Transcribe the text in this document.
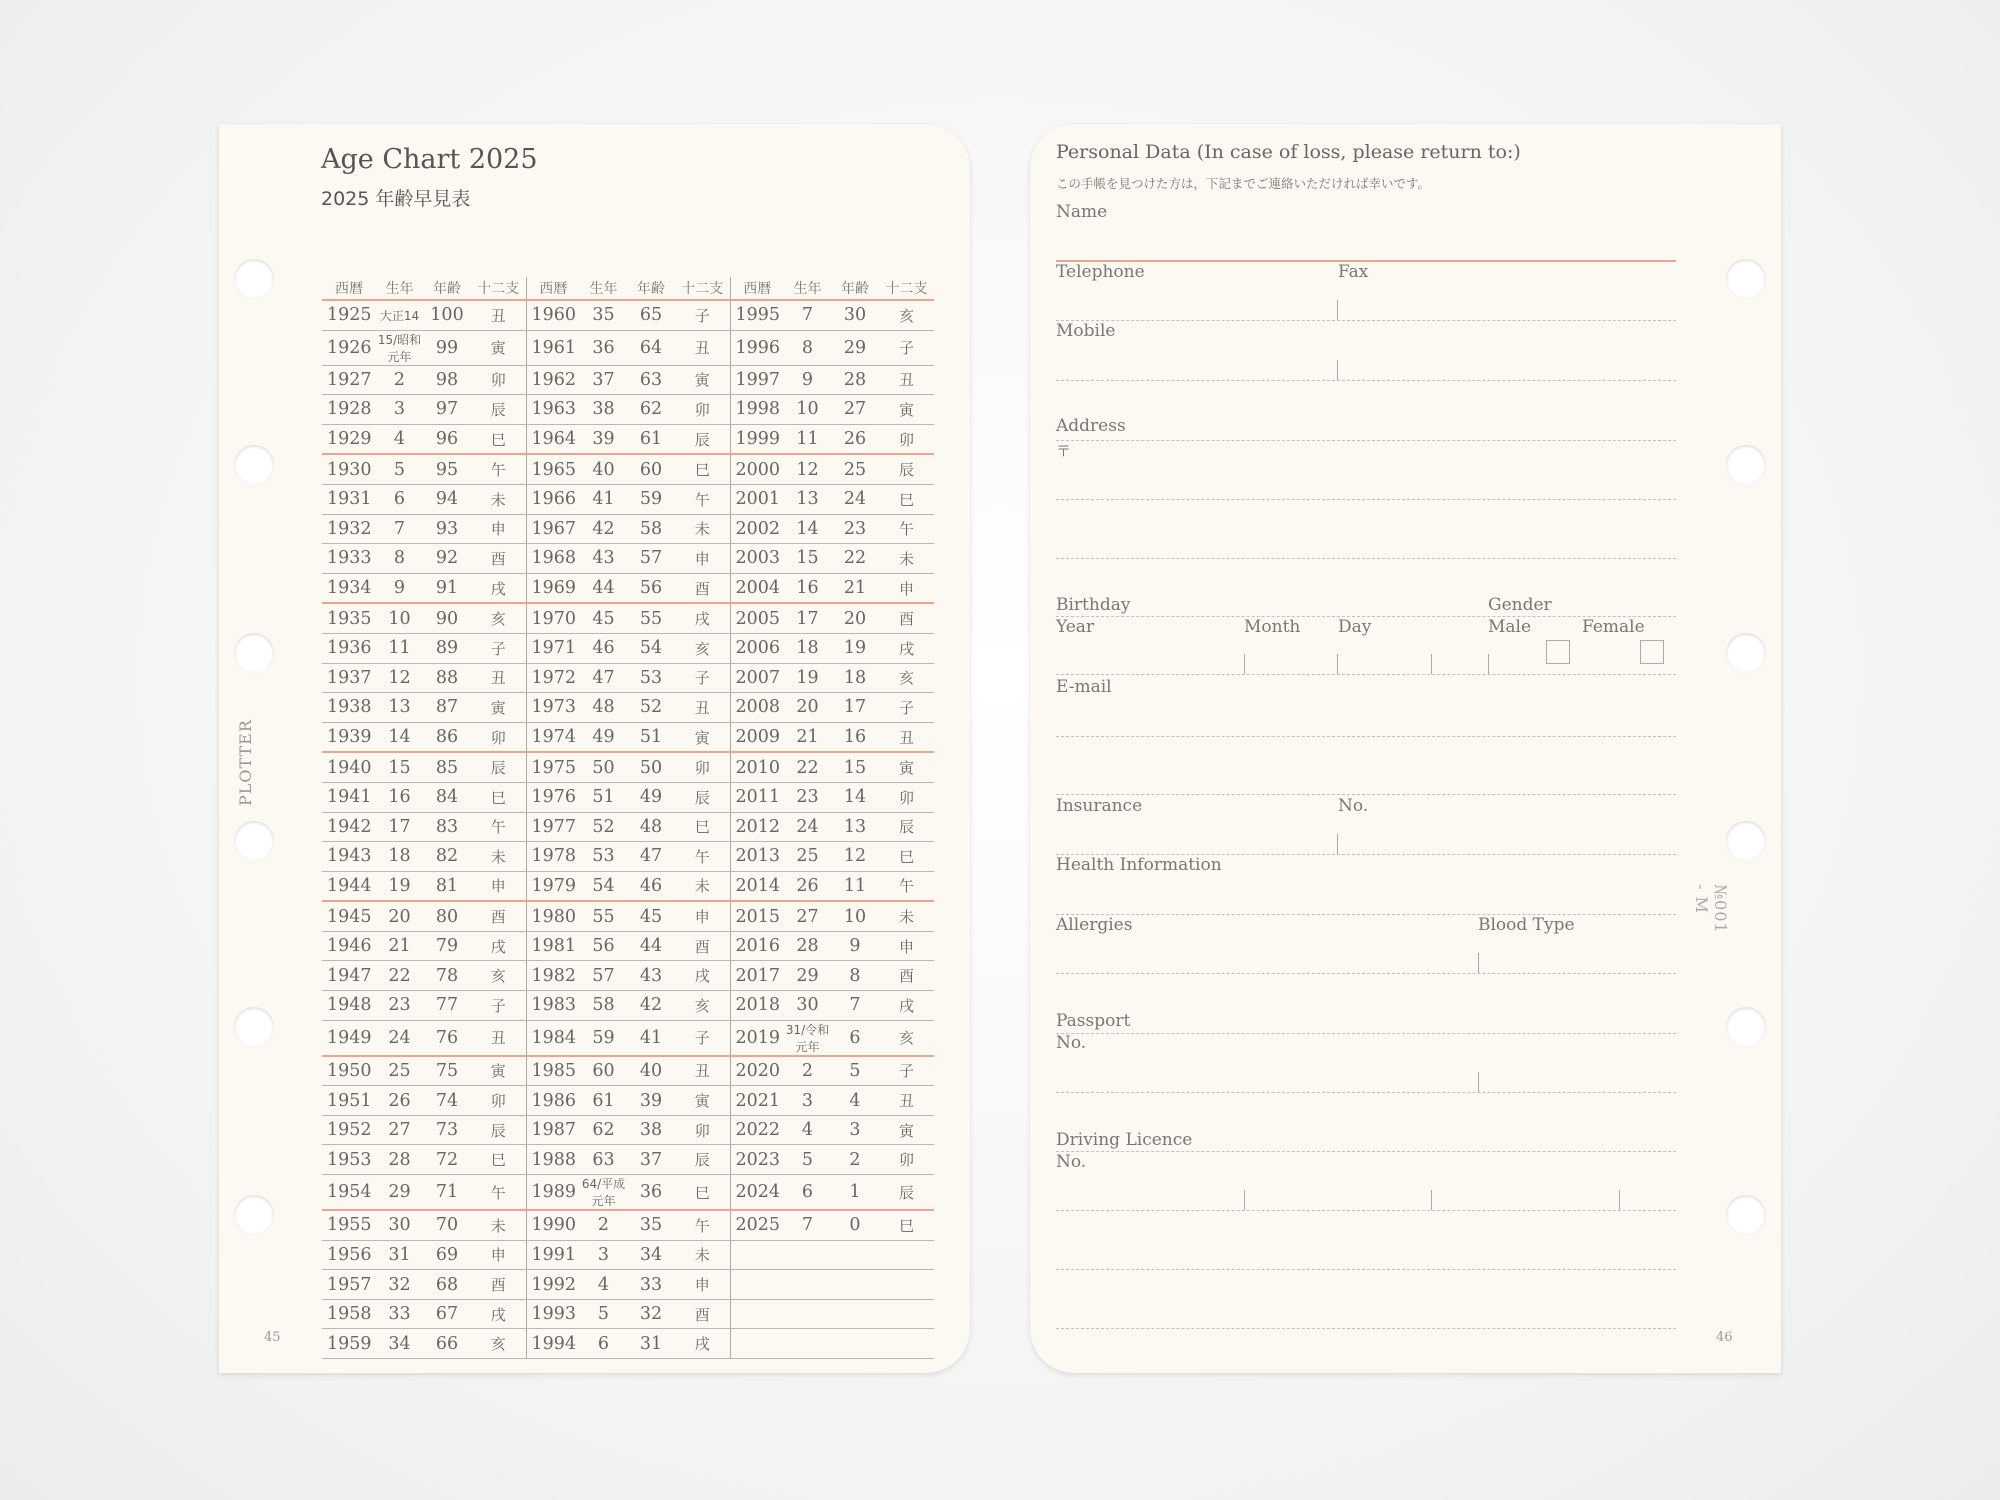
Age Chart 2025
2025 年齢早見表
PLOTTER
西暦	生年	年齢	十二支	西暦	生年	年齢	十二支	西暦	生年	年齢	十二支
1925	大正14	100	丑	1960	35	65	子	1995	7	30	亥
1926	15/昭和元年	99	寅	1961	36	64	丑	1996	8	29	子
1927	2	98	卯	1962	37	63	寅	1997	9	28	丑
1928	3	97	辰	1963	38	62	卯	1998	10	27	寅
1929	4	96	巳	1964	39	61	辰	1999	11	26	卯
1930	5	95	午	1965	40	60	巳	2000	12	25	辰
1931	6	94	未	1966	41	59	午	2001	13	24	巳
1932	7	93	申	1967	42	58	未	2002	14	23	午
1933	8	92	酉	1968	43	57	申	2003	15	22	未
1934	9	91	戌	1969	44	56	酉	2004	16	21	申
1935	10	90	亥	1970	45	55	戌	2005	17	20	酉
1936	11	89	子	1971	46	54	亥	2006	18	19	戌
1937	12	88	丑	1972	47	53	子	2007	19	18	亥
1938	13	87	寅	1973	48	52	丑	2008	20	17	子
1939	14	86	卯	1974	49	51	寅	2009	21	16	丑
1940	15	85	辰	1975	50	50	卯	2010	22	15	寅
1941	16	84	巳	1976	51	49	辰	2011	23	14	卯
1942	17	83	午	1977	52	48	巳	2012	24	13	辰
1943	18	82	未	1978	53	47	午	2013	25	12	巳
1944	19	81	申	1979	54	46	未	2014	26	11	午
1945	20	80	酉	1980	55	45	申	2015	27	10	未
1946	21	79	戌	1981	56	44	酉	2016	28	9	申
1947	22	78	亥	1982	57	43	戌	2017	29	8	酉
1948	23	77	子	1983	58	42	亥	2018	30	7	戌
1949	24	76	丑	1984	59	41	子	2019	31/令和元年	6	亥
1950	25	75	寅	1985	60	40	丑	2020	2	5	子
1951	26	74	卯	1986	61	39	寅	2021	3	4	丑
1952	27	73	辰	1987	62	38	卯	2022	4	3	寅
1953	28	72	巳	1988	63	37	辰	2023	5	2	卯
1954	29	71	午	1989	64/平成元年	36	巳	2024	6	1	辰
1955	30	70	未	1990	2	35	午	2025	7	0	巳
1956	31	69	申	1991	3	34	未				
1957	32	68	酉	1992	4	33	申				
1958	33	67	戌	1993	5	32	酉				
1959	34	66	亥	1994	6	31	戌				
45
Personal Data (In case of loss, please return to:)
この手帳を見つけた方は，下記までご連絡いただければ幸いです。
Name
Telephone	Fax
Mobile
Address
〒
Birthday	Gender
Year	Month Day	Male	Female
E-mail
Insurance	No.
Health Information
Allergies	Blood Type
Passport
No.
Driving Licence
No.
№001 - M
46
